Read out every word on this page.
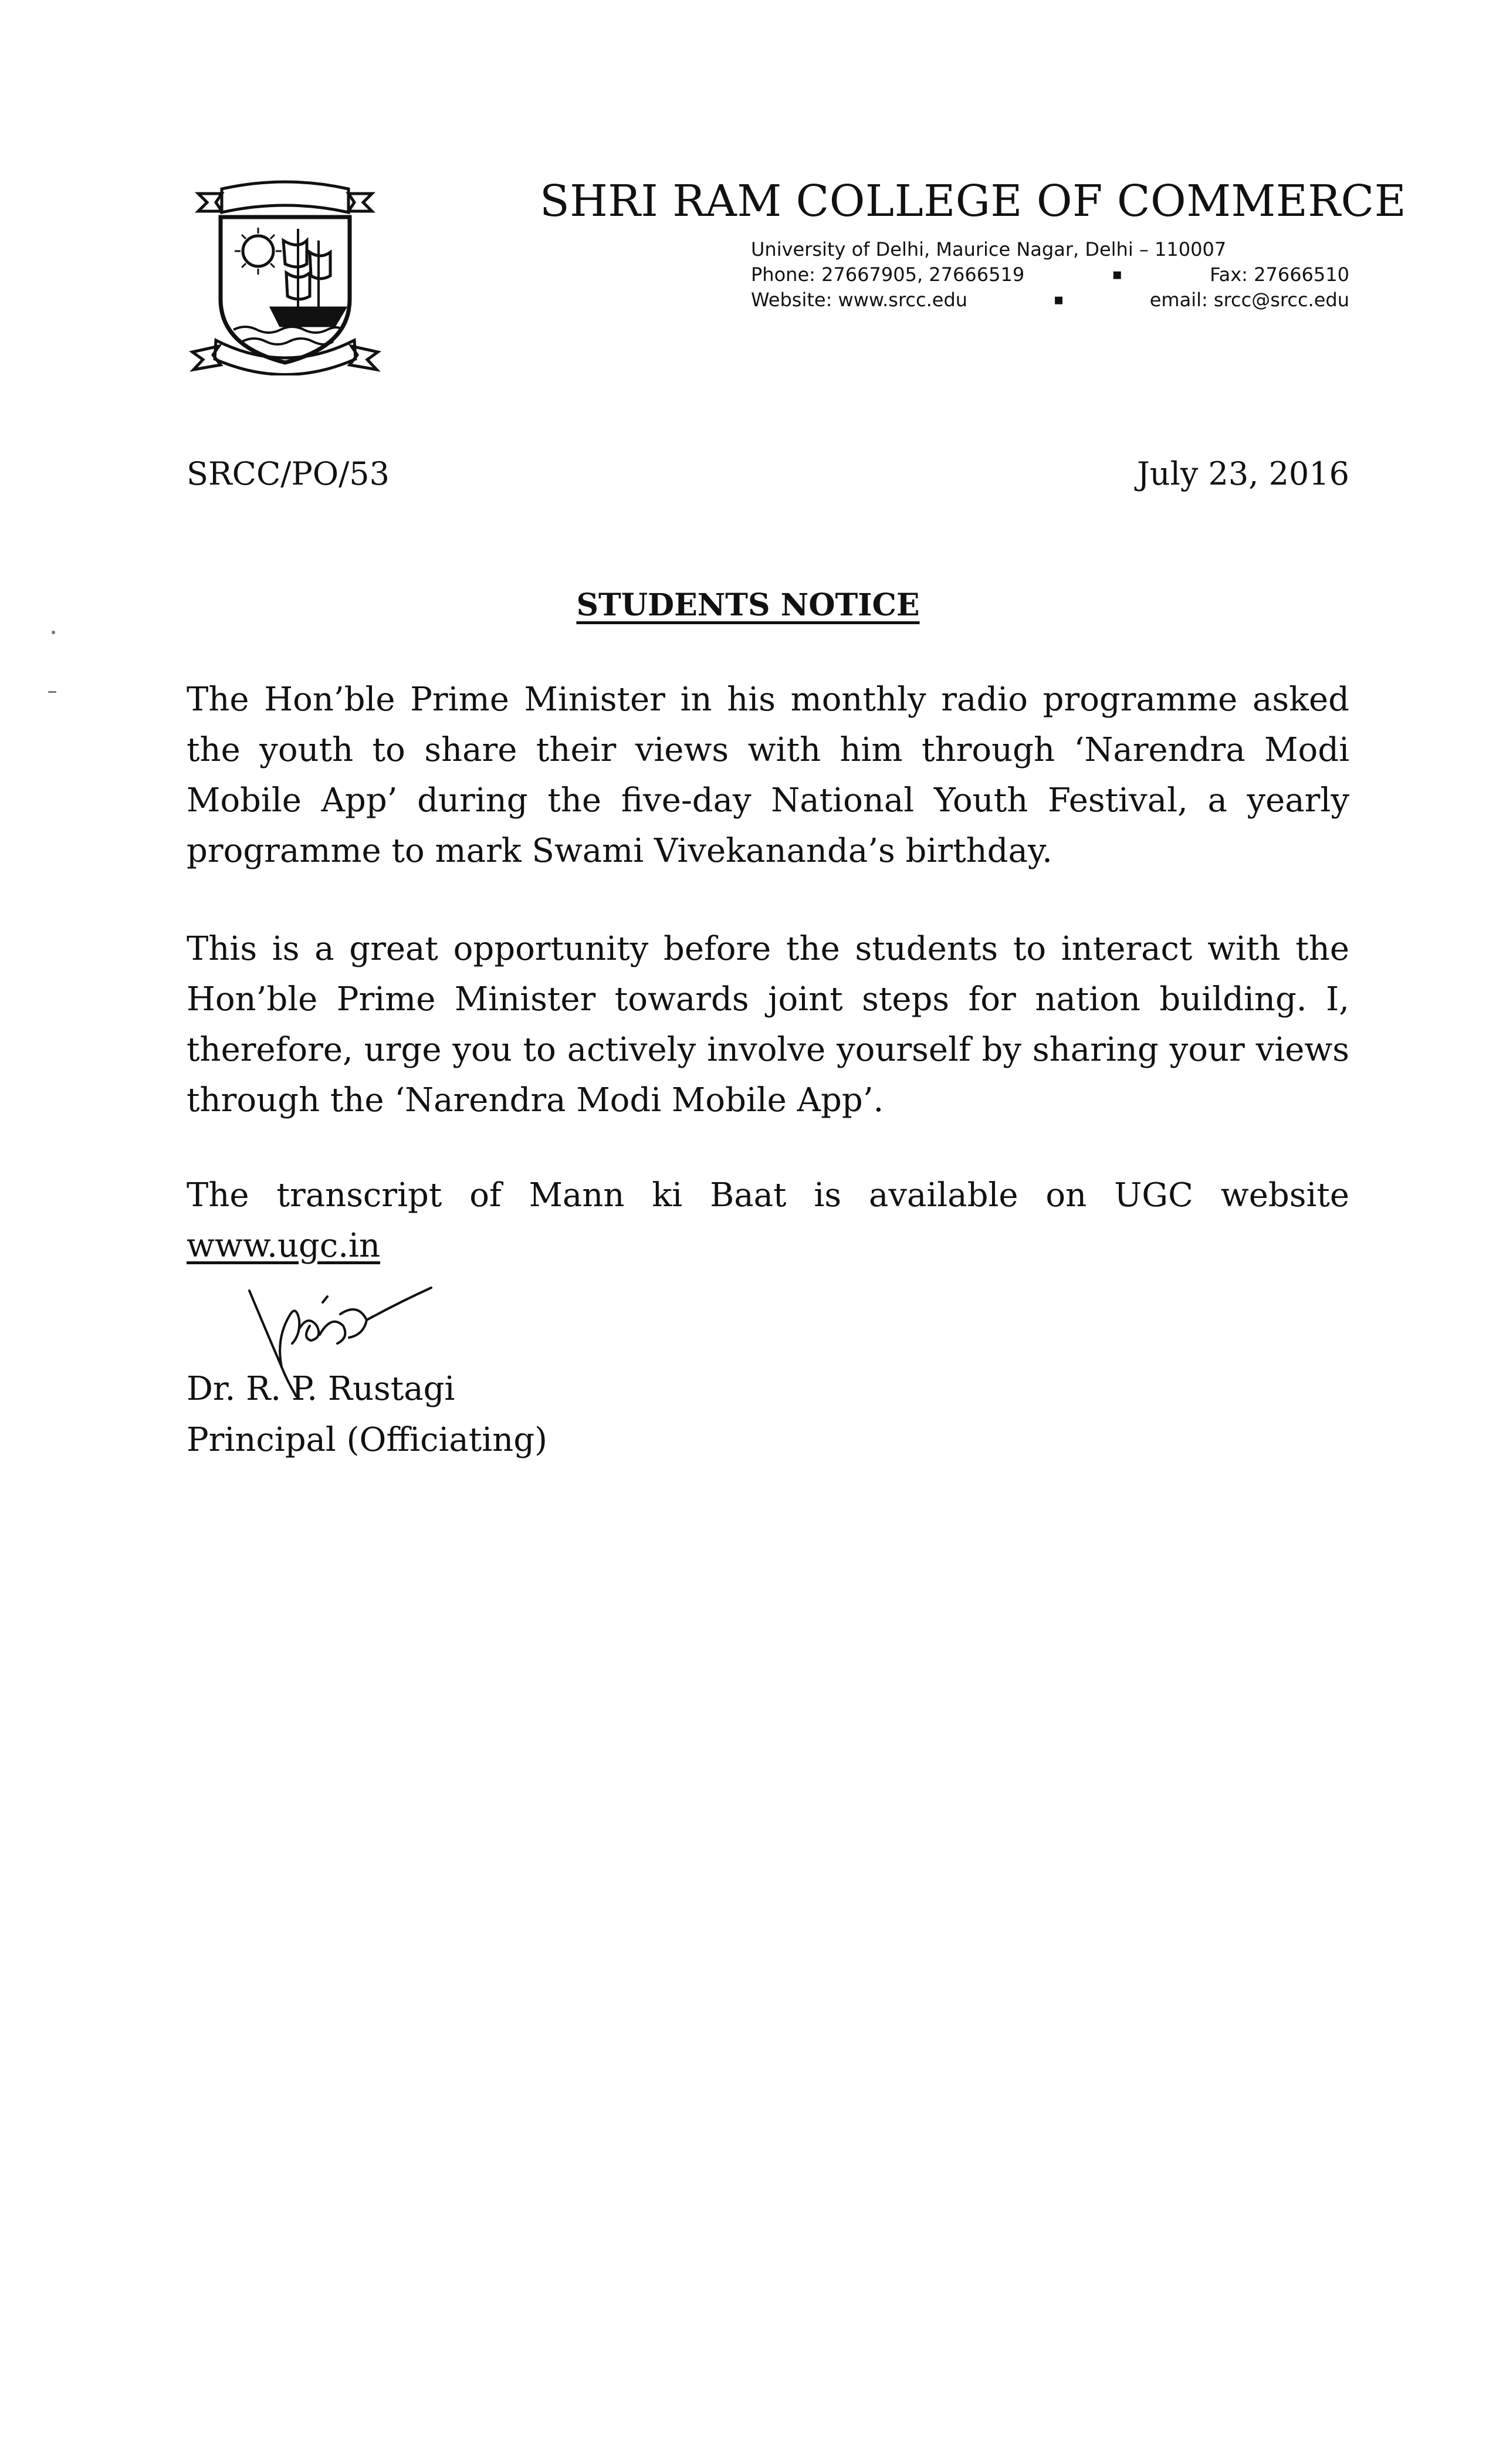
SHRI RAM COLLEGE OF COMMERCE
University of Delhi, Maurice Nagar, Delhi – 110007
Phone: 27667905, 27666519	▪	Fax: 27666510
Website: www.srcc.edu	▪	email: srcc@srcc.edu
SRCC/PO/53	July 23, 2016
STUDENTS NOTICE

The Hon’ble Prime Minister in his monthly radio programme asked the youth to share their views with him through ‘Narendra Modi Mobile App’ during the five-day National Youth Festival, a yearly programme to mark Swami Vivekananda’s birthday.

This is a great opportunity before the students to interact with the Hon’ble Prime Minister towards joint steps for nation building. I, therefore, urge you to actively involve yourself by sharing your views through the ‘Narendra Modi Mobile App’.

The transcript of Mann ki Baat is available on UGC website www.ugc.in

Dr. R. P. Rustagi
Principal (Officiating)
